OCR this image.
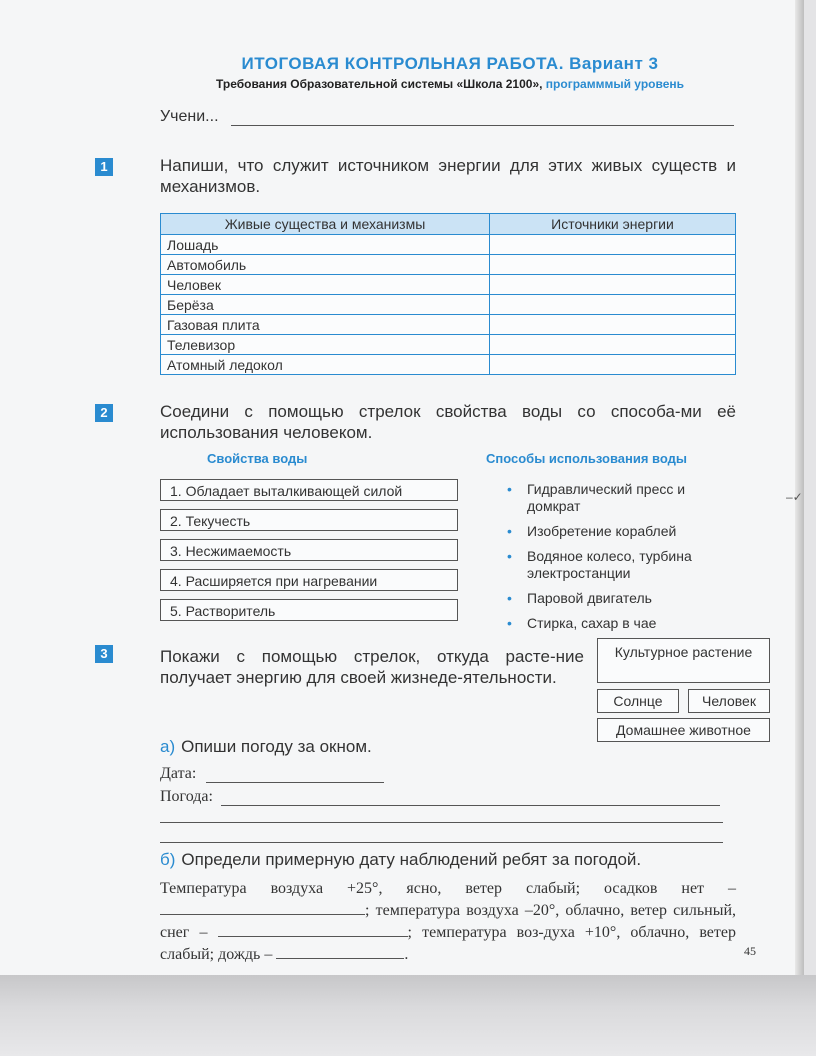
ИТОГОВАЯ КОНТРОЛЬНАЯ РАБОТА. Вариант 3
Требования Образовательной системы «Школа 2100», программмый уровень
Учени...
1	Напиши, что служит источником энергии для этих живых существ и механизмов.
Живые существа и механизмы	Источники энергии
Лошадь	
Автомобиль	
Человек	
Берёза	
Газовая плита	
Телевизор	
Атомный ледокол	
2	Соедини с помощью стрелок свойства воды со способа-ми её использования человеком.
Свойства воды	Способы использования воды
1. Обладает выталкивающей силой
2. Текучесть
3. Несжимаемость
4. Расширяется при нагревании
5. Растворитель
• Гидравлический пресс и домкрат
• Изобретение кораблей
• Водяное колесо, турбина электростанции
• Паровой двигатель
• Стирка, сахар в чае
–✓
3	Покажи с помощью стрелок, откуда расте-ние получает энергию для своей жизнеде-ятельности.
Культурное растение
Солнце	Человек
Домашнее животное
а) Опиши погоду за окном.
Дата:
Погода:
б) Определи примерную дату наблюдений ребят за погодой.
Температура воздуха +25°, ясно, ветер слабый; осадков нет – ; температура воздуха –20°, облачно, ветер сильный, снег –	; температура воз-духа +10°, облачно, ветер слабый; дождь –	.	45
